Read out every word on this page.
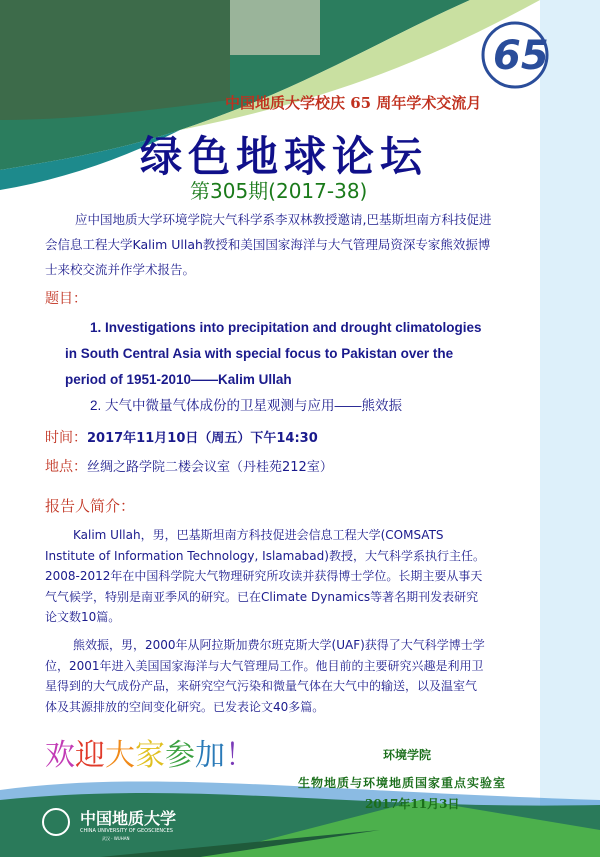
65
中国地质大学校庆 65 周年学术交流月
绿色地球论坛
第305期(2017-38)
应中国地质大学环境学院大气科学系李双林教授邀请,巴基斯坦南方科技促进
会信息工程大学Kalim Ullah教授和美国国家海洋与大气管理局资深专家熊效振博
士来校交流并作学术报告。
题目：
1. Investigations into precipitation and drought climatologies
in South Central Asia with special focus to Pakistan over the
period of 1951-2010——Kalim Ullah
2. 大气中微量气体成份的卫星观测与应用——熊效振
时间：2017年11月10日（周五）下午14:30
地点：丝绸之路学院二楼会议室（丹桂苑212室）
报告人简介：
Kalim Ullah，男，巴基斯坦南方科技促进会信息工程大学(COMSATS
Institute of Information Technology, Islamabad)教授，大气科学系执行主任。
2008-2012年在中国科学院大气物理研究所攻读并获得博士学位。长期主要从事天
气气候学，特别是南亚季风的研究。已在Climate Dynamics等著名期刊发表研究
论文数10篇。
熊效振，男，2000年从阿拉斯加费尔班克斯大学(UAF)获得了大气科学博士学
位，2001年进入美国国家海洋与大气管理局工作。他目前的主要研究兴趣是利用卫
星得到的大气成份产品，来研究空气污染和微量气体在大气中的输送，以及温室气
体及其源排放的空间变化研究。已发表论文40多篇。
欢迎大家参加！	环境学院
生物地质与环境地质国家重点实验室
2017年11月3日
中国地质大学
CHINA UNIVERSITY OF GEOSCIENCES
武汉 · WUHAN
